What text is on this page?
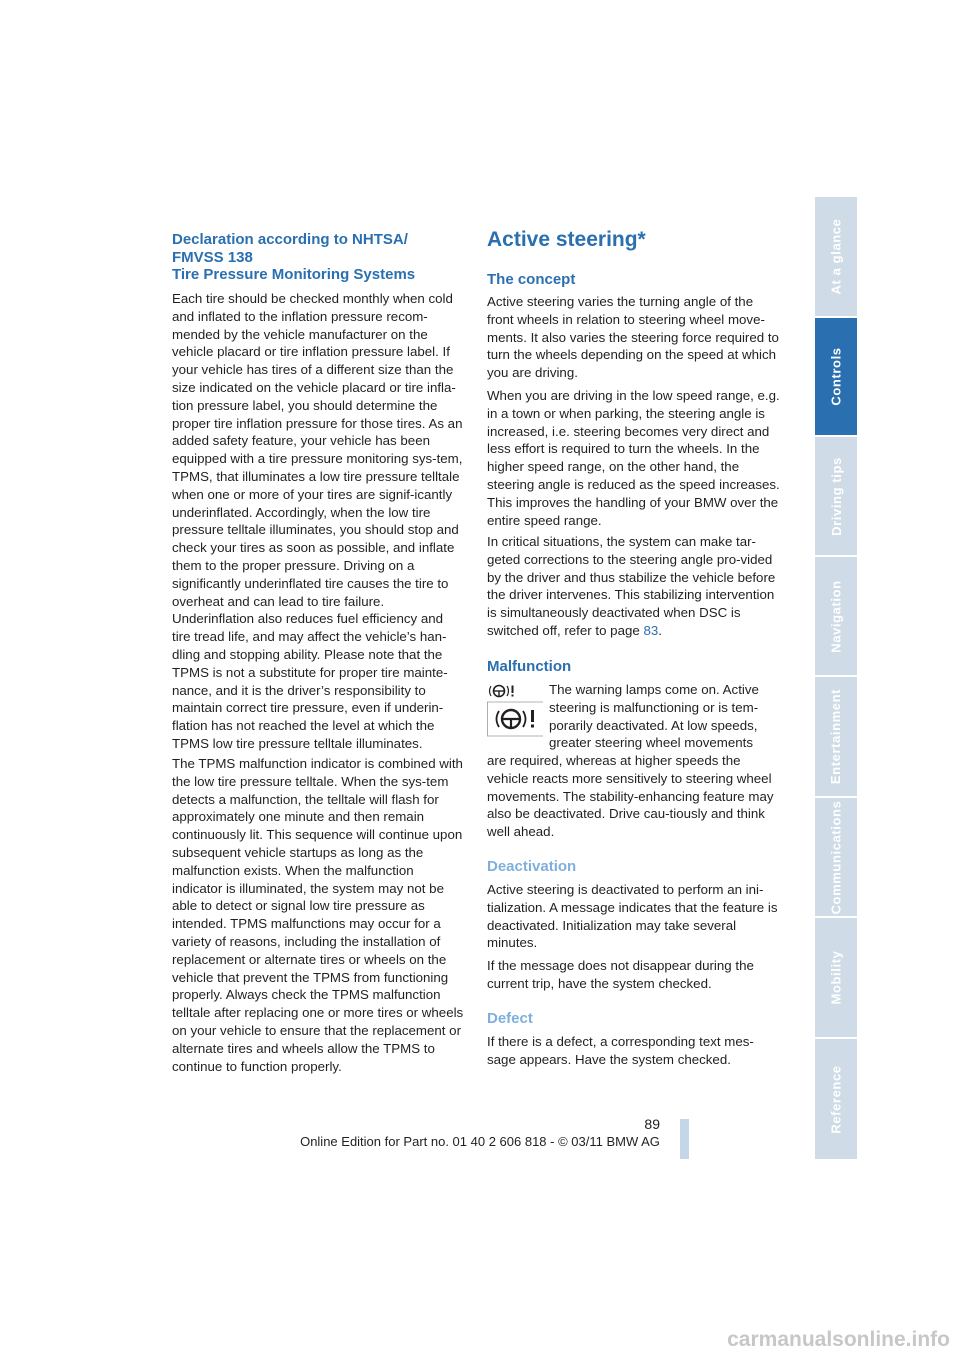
Declaration according to NHTSA/
FMVSS 138
Tire Pressure Monitoring Systems

Each tire should be checked monthly when cold and inflated to the inflation pressure recom-mended by the vehicle manufacturer on the vehicle placard or tire inflation pressure label. If your vehicle has tires of a different size than the size indicated on the vehicle placard or tire infla-tion pressure label, you should determine the proper tire inflation pressure for those tires. As an added safety feature, your vehicle has been equipped with a tire pressure monitoring sys-tem, TPMS, that illuminates a low tire pressure telltale when one or more of your tires are signif-icantly underinflated. Accordingly, when the low tire pressure telltale illuminates, you should stop and check your tires as soon as possible, and inflate them to the proper pressure. Driving on a significantly underinflated tire causes the tire to overheat and can lead to tire failure. Underinflation also reduces fuel efficiency and tire tread life, and may affect the vehicle’s han-dling and stopping ability. Please note that the TPMS is not a substitute for proper tire mainte-nance, and it is the driver’s responsibility to maintain correct tire pressure, even if underin-flation has not reached the level at which the TPMS low tire pressure telltale illuminates.

The TPMS malfunction indicator is combined with the low tire pressure telltale. When the sys-tem detects a malfunction, the telltale will flash for approximately one minute and then remain continuously lit. This sequence will continue upon subsequent vehicle startups as long as the malfunction exists. When the malfunction indicator is illuminated, the system may not be able to detect or signal low tire pressure as intended. TPMS malfunctions may occur for a variety of reasons, including the installation of replacement or alternate tires or wheels on the vehicle that prevent the TPMS from functioning properly. Always check the TPMS malfunction telltale after replacing one or more tires or wheels on your vehicle to ensure that the replacement or alternate tires and wheels allow the TPMS to continue to function properly.

Active steering*
The concept

Active steering varies the turning angle of the front wheels in relation to steering wheel move-ments. It also varies the steering force required to turn the wheels depending on the speed at which you are driving.

When you are driving in the low speed range, e.g. in a town or when parking, the steering angle is increased, i.e. steering becomes very direct and less effort is required to turn the wheels. In the higher speed range, on the other hand, the steering angle is reduced as the speed increases. This improves the handling of your BMW over the entire speed range.

In critical situations, the system can make tar-geted corrections to the steering angle pro-vided by the driver and thus stabilize the vehicle before the driver intervenes. This stabilizing intervention is simultaneously deactivated when DSC is switched off, refer to page 83.

Malfunction

The warning lamps come on. Active steering is malfunctioning or is tem-porarily deactivated. At low speeds, greater steering wheel movements

are required, whereas at higher speeds the vehicle reacts more sensitively to steering wheel movements. The stability-enhancing feature may also be deactivated. Drive cau-tiously and think well ahead.

Deactivation

Active steering is deactivated to perform an ini-tialization. A message indicates that the feature is deactivated. Initialization may take several minutes.

If the message does not disappear during the current trip, have the system checked.

Defect

If there is a defect, a corresponding text mes-sage appears. Have the system checked.

At a glance
Controls
Driving tips
Navigation
Entertainment
Communications
Mobility
Reference
89
Online Edition for Part no. 01 40 2 606 818 - © 03/11 BMW AG
carmanualsonline.info
